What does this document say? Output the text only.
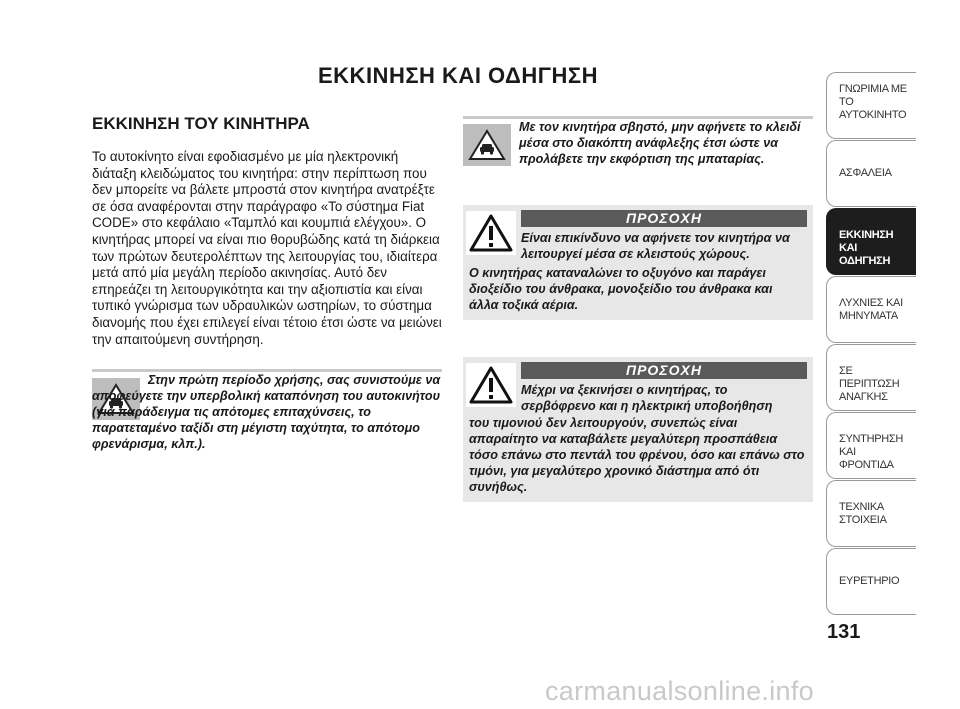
ΕΚΚΙΝΗΣΗ ΚΑΙ ΟΔΗΓΗΣΗ
ΕΚΚΙΝΗΣΗ ΤΟΥ ΚΙΝΗΤΗΡΑ

Το αυτοκίνητο είναι εφοδιασμένο με μία ηλεκτρονική διάταξη κλειδώματος του κινητήρα: στην περίπτωση που δεν μπορείτε να βάλετε μπροστά στον κινητήρα ανατρέξτε σε όσα αναφέρονται στην παράγραφο «Το σύστημα Fiat CODE» στο κεφάλαιο «Ταμπλό και κουμπιά ελέγχου». Ο κινητήρας μπορεί να είναι πιο θορυβώδης κατά τη διάρκεια των πρώτων δευτερολέπτων της λειτουργίας του, ιδιαίτερα μετά από μία μεγάλη περίοδο ακινησίας. Αυτό δεν επηρεάζει τη λειτουργικότητα και την αξιοπιστία και είναι τυπικό γνώρισμα των υδραυλικών ωστηρίων, το σύστημα διανομής που έχει επιλεγεί είναι τέτοιο έτσι ώστε να μειώνει την απαιτούμενη συντήρηση.

Στην πρώτη περίοδο χρήσης, σας συνιστούμε να αποφεύγετε την υπερβολική καταπόνηση του αυτοκινήτου (για παράδειγμα τις απότομες επιταχύνσεις, το παρατεταμένο ταξίδι στη μέγιστη ταχύτητα, το απότομο φρενάρισμα, κλπ.).
Με τον κινητήρα σβηστό, μην αφήνετε το κλειδί μέσα στο διακόπτη ανάφλεξης έτσι ώστε να προλάβετε την εκφόρτιση της μπαταρίας.
ΠΡΟΣΟΧΗ
Είναι επικίνδυνο να αφήνετε τον κινητήρα να λειτουργεί μέσα σε κλειστούς χώρους.
Ο κινητήρας καταναλώνει το οξυγόνο και παράγει διοξείδιο του άνθρακα, μονοξείδιο του άνθρακα και άλλα τοξικά αέρια.
ΠΡΟΣΟΧΗ
Μέχρι να ξεκινήσει ο κινητήρας, το σερβόφρενο και η ηλεκτρική υποβοήθηση
του τιμονιού δεν λειτουργούν, συνεπώς είναι απαραίτητο να καταβάλετε μεγαλύτερη προσπάθεια τόσο επάνω στο πεντάλ του φρένου, όσο και επάνω στο τιμόνι, για μεγαλύτερο χρονικό διάστημα από ότι συνήθως.
ΓΝΩΡΙΜΙΑ ΜΕ ΤΟ ΑΥΤΟΚΙΝΗΤΟ
ΑΣΦΑΛΕΙΑ
ΕΚΚΙΝΗΣΗ ΚΑΙ ΟΔΗΓΗΣΗ
ΛΥΧΝΙΕΣ ΚΑΙ ΜΗΝΥΜΑΤΑ
ΣΕ ΠΕΡΙΠΤΩΣΗ ΑΝΑΓΚΗΣ
ΣΥΝΤΗΡΗΣΗ ΚΑΙ ΦΡΟΝΤΙΔΑ
ΤΕΧΝΙΚΑ ΣΤΟΙΧΕΙΑ
ΕΥΡΕΤΗΡΙΟ
131
carmanualsonline.info
